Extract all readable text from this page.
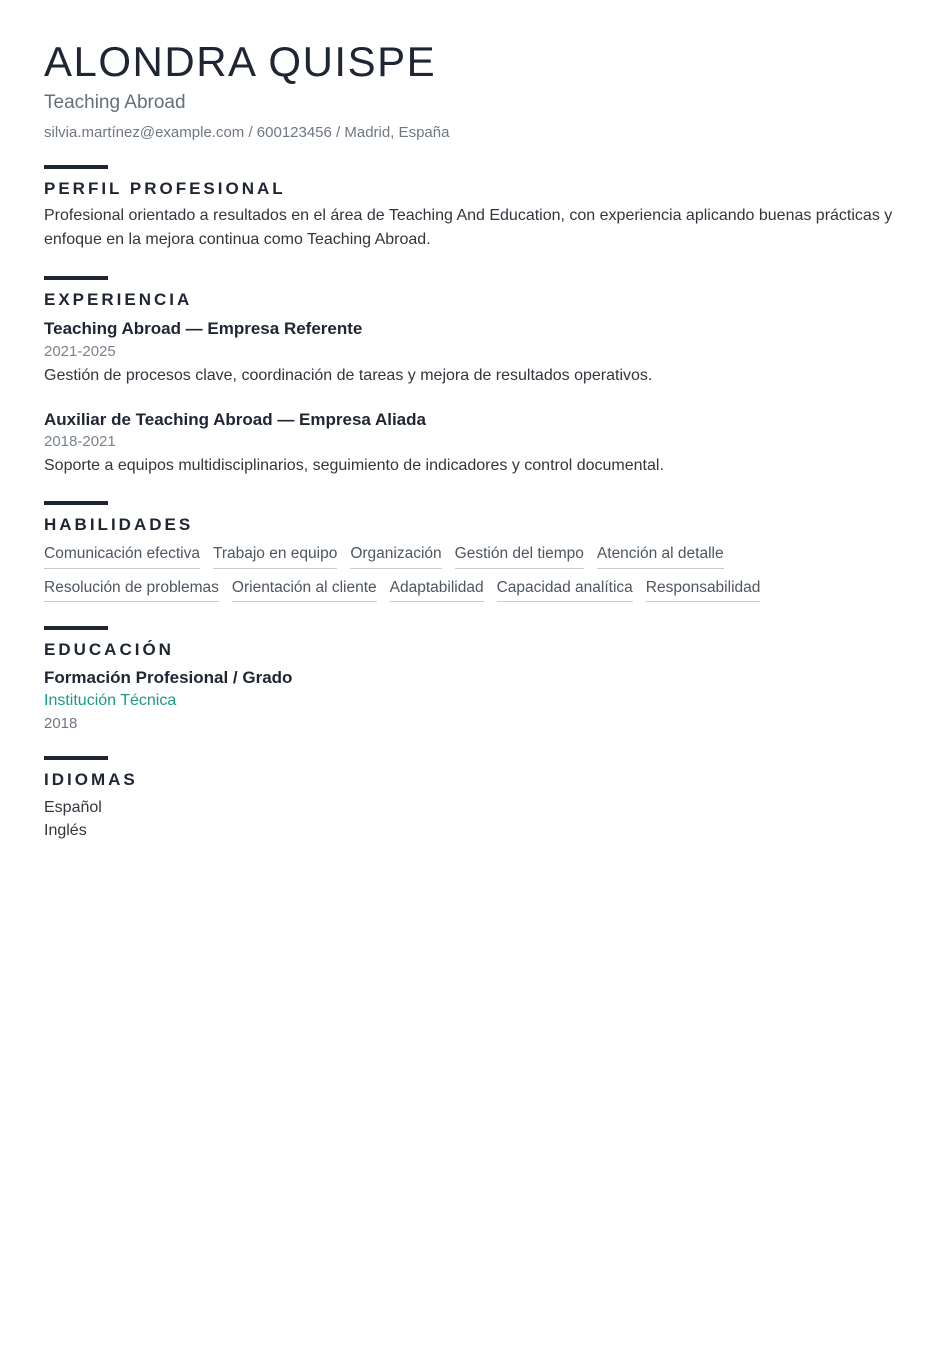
ALONDRA QUISPE
Teaching Abroad
silvia.martínez@example.com / 600123456 / Madrid, España
PERFIL PROFESIONAL

Profesional orientado a resultados en el área de Teaching And Education, con experiencia aplicando buenas prácticas y enfoque en la mejora continua como Teaching Abroad.

EXPERIENCIA
Teaching Abroad — Empresa Referente
2021-2025
Gestión de procesos clave, coordinación de tareas y mejora de resultados operativos.
Auxiliar de Teaching Abroad — Empresa Aliada
2018-2021
Soporte a equipos multidisciplinarios, seguimiento de indicadores y control documental.
HABILIDADES
Comunicación efectiva Trabajo en equipo Organización Gestión del tiempo Atención al detalle
Resolución de problemas Orientación al cliente Adaptabilidad Capacidad analítica Responsabilidad
EDUCACIÓN
Formación Profesional / Grado
Institución Técnica
2018
IDIOMAS
Español
Inglés
